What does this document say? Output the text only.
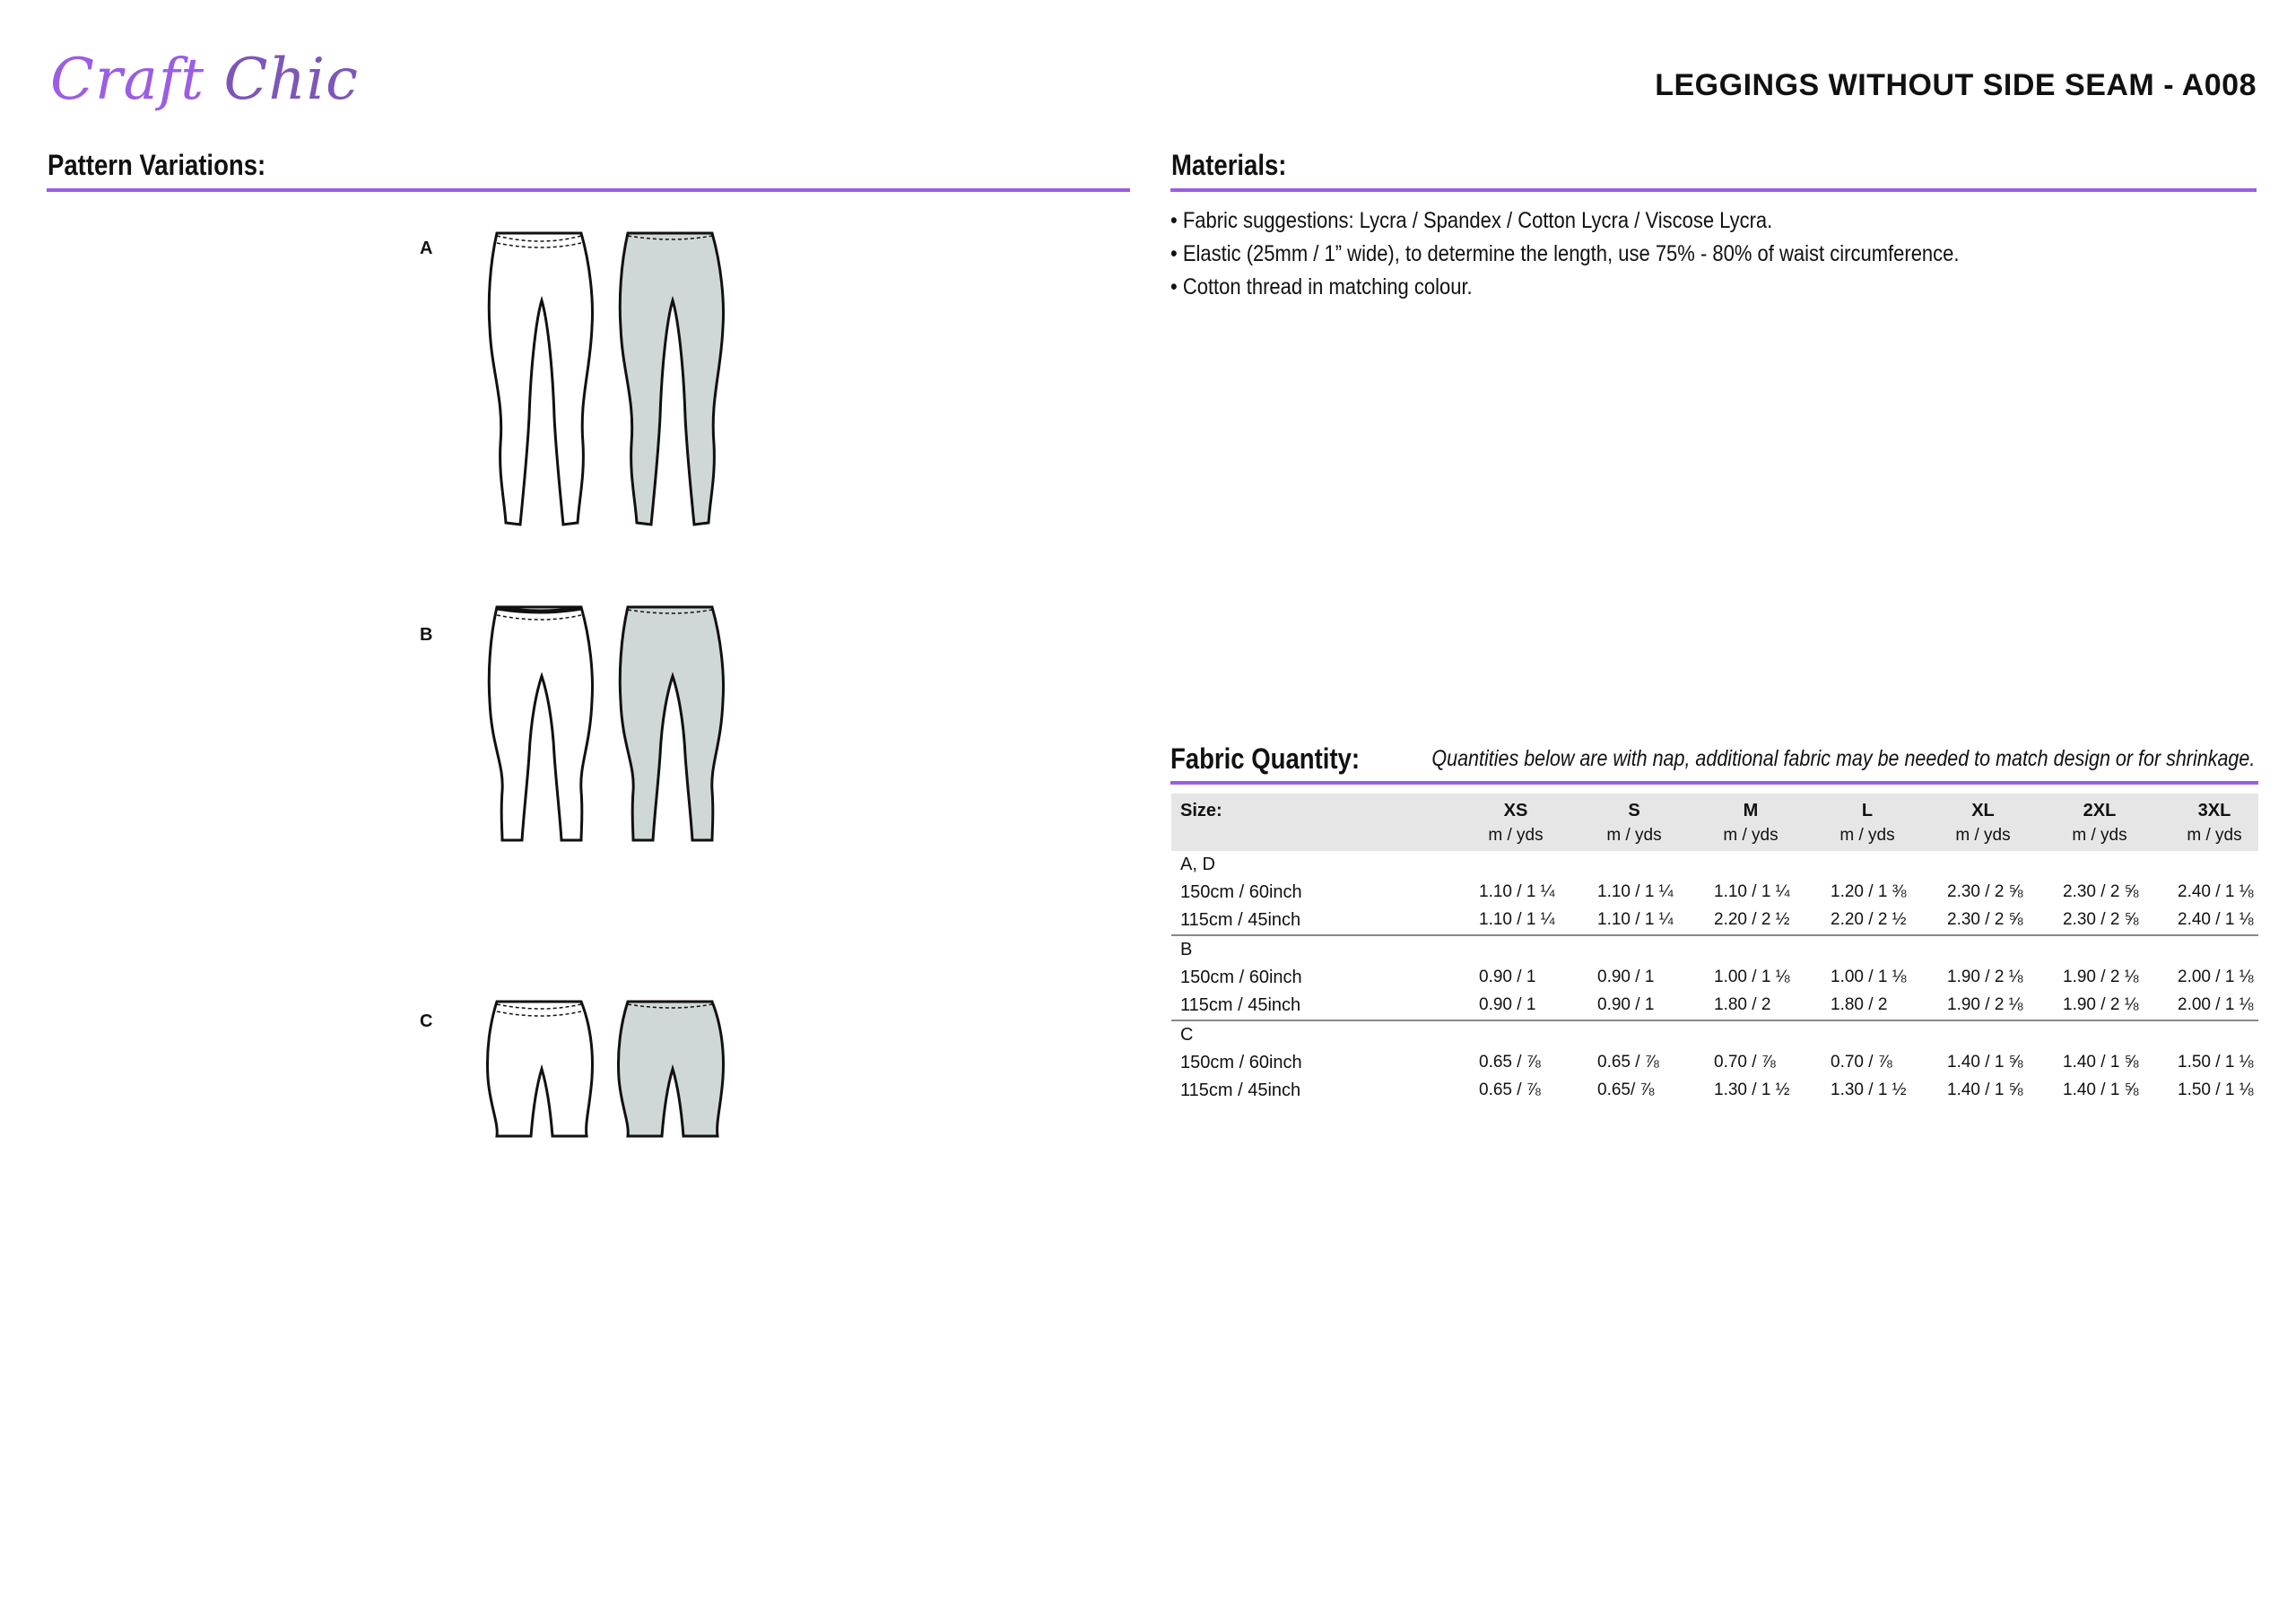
Craft Chic	LEGGINGS WITHOUT SIDE SEAM - A008
Pattern Variations:
A
B
C
Materials:
• Fabric suggestions: Lycra / Spandex / Cotton Lycra / Viscose Lycra.
• Elastic (25mm / 1” wide), to determine the length, use 75% - 80% of waist circumference.
• Cotton thread in matching colour.
Fabric Quantity:	Quantities below are with nap, additional fabric may be needed to match design or for shrinkage.
Size:	XS	S	M	L	XL	2XL	3XL
m / yds	m / yds	m / yds	m / yds	m / yds	m / yds	m / yds
A, D
150cm / 60inch	1.10 / 1 ¼	1.10 / 1 ¼	1.10 / 1 ¼	1.20 / 1 ⅜	2.30 / 2 ⅝	2.30 / 2 ⅝	2.40 / 1 ⅛
115cm / 45inch	1.10 / 1 ¼	1.10 / 1 ¼	2.20 / 2 ½	2.20 / 2 ½	2.30 / 2 ⅝	2.30 / 2 ⅝	2.40 / 1 ⅛
B
150cm / 60inch	0.90 / 1	0.90 / 1	1.00 / 1 ⅛	1.00 / 1 ⅛	1.90 / 2 ⅛	1.90 / 2 ⅛	2.00 / 1 ⅛
115cm / 45inch	0.90 / 1	0.90 / 1	1.80 / 2	1.80 / 2	1.90 / 2 ⅛	1.90 / 2 ⅛	2.00 / 1 ⅛
C
150cm / 60inch	0.65 / ⅞	0.65 / ⅞	0.70 / ⅞	0.70 / ⅞	1.40 / 1 ⅝	1.40 / 1 ⅝	1.50 / 1 ⅛
115cm / 45inch	0.65 / ⅞	0.65/ ⅞	1.30 / 1 ½	1.30 / 1 ½	1.40 / 1 ⅝	1.40 / 1 ⅝	1.50 / 1 ⅛
